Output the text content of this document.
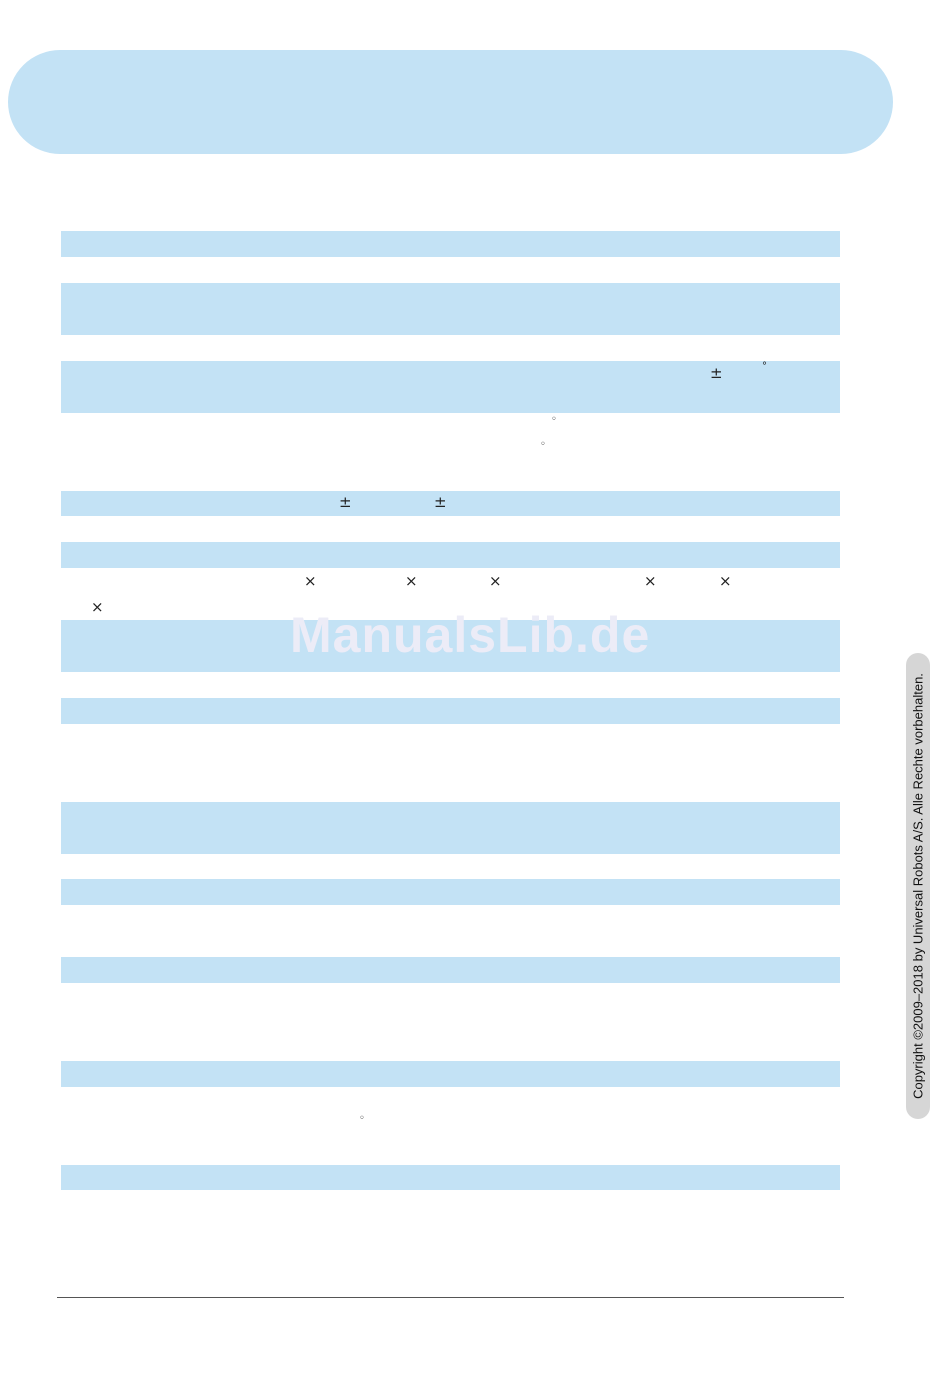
±	°
◦
◦
±	±
×	×	×	×	×
×
◦
ManualsLib.de
Copyright ©2009–2018 by Universal Robots A/S. Alle Rechte vorbehalten.
